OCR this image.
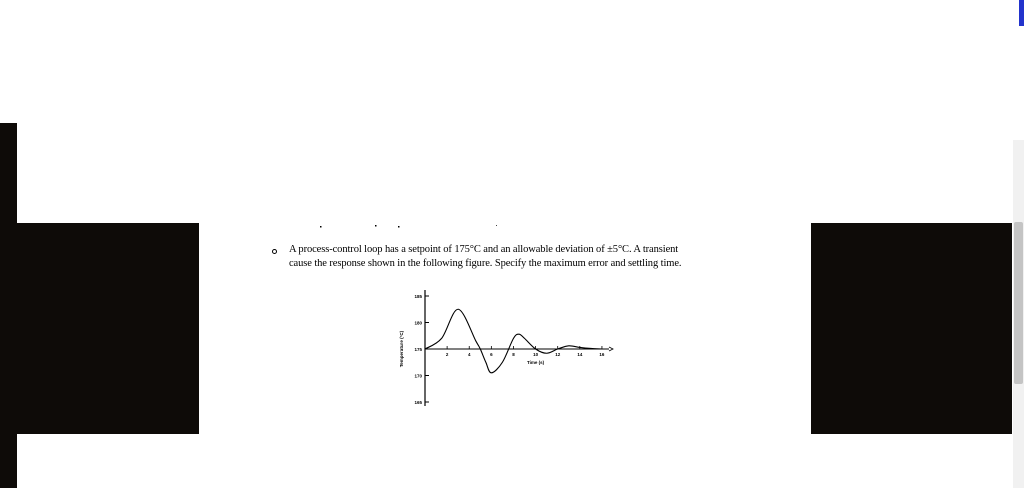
A process-control loop has a setpoint of 175°C and an allowable deviation of ±5°C. A transient
cause the response shown in the following figure. Specify the maximum error and settling time.
165
170
175
180
185
2	4	6	8	10	12	14	16
Time (s)
Temperature (°C)
